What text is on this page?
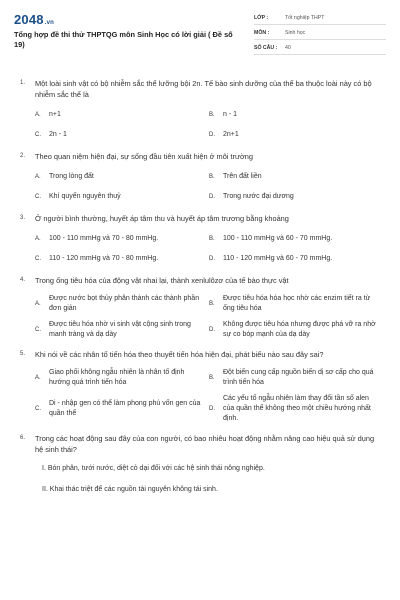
2048.vn
Tổng hợp đề thi thử THPTQG môn Sinh Học có lời giải ( Đề số 19)
LỚP :	Tốt nghiệp THPT
MÔN :	Sinh học
SỐ CÂU :	40
1.	Một loài sinh vật có bộ nhiễm sắc thể lưỡng bội 2n. Tế bào sinh dưỡng của thể ba thuộc loài này có bộ nhiễm sắc thể là
A.	n+1	B.	n - 1
C.	2n - 1	D.	2n+1
2.	Theo quan niệm hiện đại, sự sống đầu tiên xuất hiện ở môi trường
A.	Trong lòng đất	B.	Trên đất liền
C.	Khí quyển nguyên thuỷ	D.	Trong nước đại dương
3.	Ở người bình thường, huyết áp tâm thu và huyết áp tâm trương bằng khoảng
A.	100 - 110 mmHg và 70 - 80 mmHg.	B.	100 - 110 mmHg và 60 - 70 mmHg.
C.	110 - 120 mmHg và 70 - 80 mmHg.	D.	110 - 120 mmHg và 60 - 70 mmHg.
4.	Trong ống tiêu hóa của động vật nhai lại, thành xenlulôzơ của tế bào thực vật
A.
Được nước bọt thủy phân thành các thành phần đơn giản
B.
Được tiêu hóa hóa học nhờ các enzim tiết ra từ ống tiêu hóa
C.
Được tiêu hóa nhờ vi sinh vật cộng sinh trong manh tràng và dạ dày
D.
Không được tiêu hóa nhưng được phá vỡ ra nhờ sự co bóp mạnh của dạ dày
5.	Khi nói về các nhân tố tiến hóa theo thuyết tiến hóa hiện đại, phát biểu nào sau đây sai?
A.
Giao phối không ngẫu nhiên là nhân tố định hướng quá trình tiến hóa
B.
Đột biến cung cấp nguồn biến dị sơ cấp cho quá trình tiến hóa
C.
Di - nhập gen có thể làm phong phú vốn gen của quần thể
D.
Các yếu tố ngẫu nhiên làm thay đổi tần số alen của quần thể không theo một chiều hướng nhất định.
6.	Trong các hoạt động sau đây của con người, có bao nhiêu hoạt động nhằm nâng cao hiệu quả sử dụng hệ sinh thái?
I. Bón phân, tưới nước, diệt cỏ dại đối với các hệ sinh thái nông nghiệp.
II. Khai thác triệt để các nguồn tài nguyên không tái sinh.
